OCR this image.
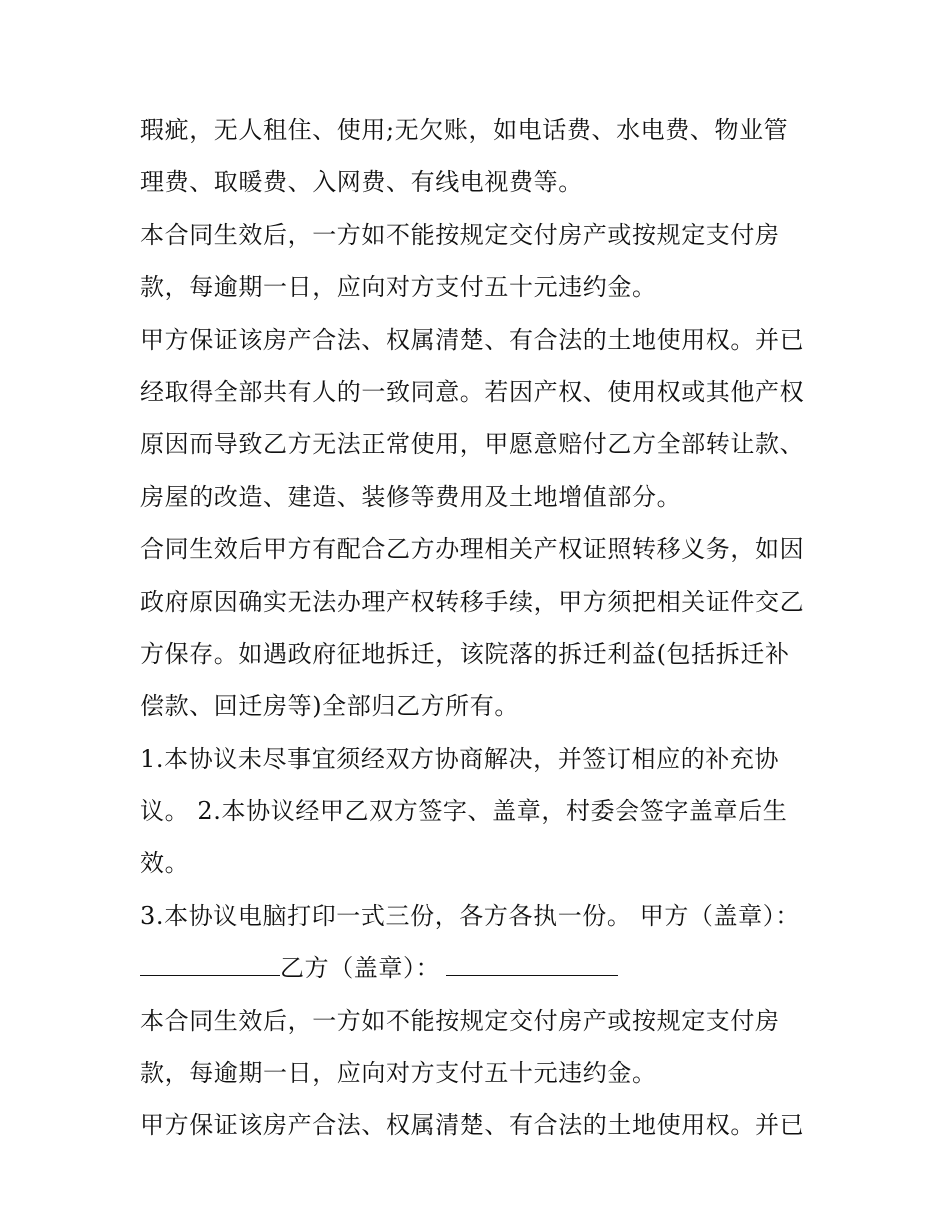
瑕疵，无人租住、使用;无欠账，如电话费、水电费、物业管
理费、取暖费、入网费、有线电视费等。
本合同生效后，一方如不能按规定交付房产或按规定支付房
款，每逾期一日，应向对方支付五十元违约金。
甲方保证该房产合法、权属清楚、有合法的土地使用权。并已
经取得全部共有人的一致同意。若因产权、使用权或其他产权
原因而导致乙方无法正常使用，甲愿意赔付乙方全部转让款、
房屋的改造、建造、装修等费用及土地增值部分。
合同生效后甲方有配合乙方办理相关产权证照转移义务，如因
政府原因确实无法办理产权转移手续，甲方须把相关证件交乙
方保存。如遇政府征地拆迁，该院落的拆迁利益(包括拆迁补
偿款、回迁房等)全部归乙方所有。
1.本协议未尽事宜须经双方协商解决，并签订相应的补充协
议。 2.本协议经甲乙双方签字、盖章，村委会签字盖章后生
效。
3.本协议电脑打印一式三份，各方各执一份。 甲方（盖章）：
乙方（盖章）：
本合同生效后，一方如不能按规定交付房产或按规定支付房
款，每逾期一日，应向对方支付五十元违约金。
甲方保证该房产合法、权属清楚、有合法的土地使用权。并已
